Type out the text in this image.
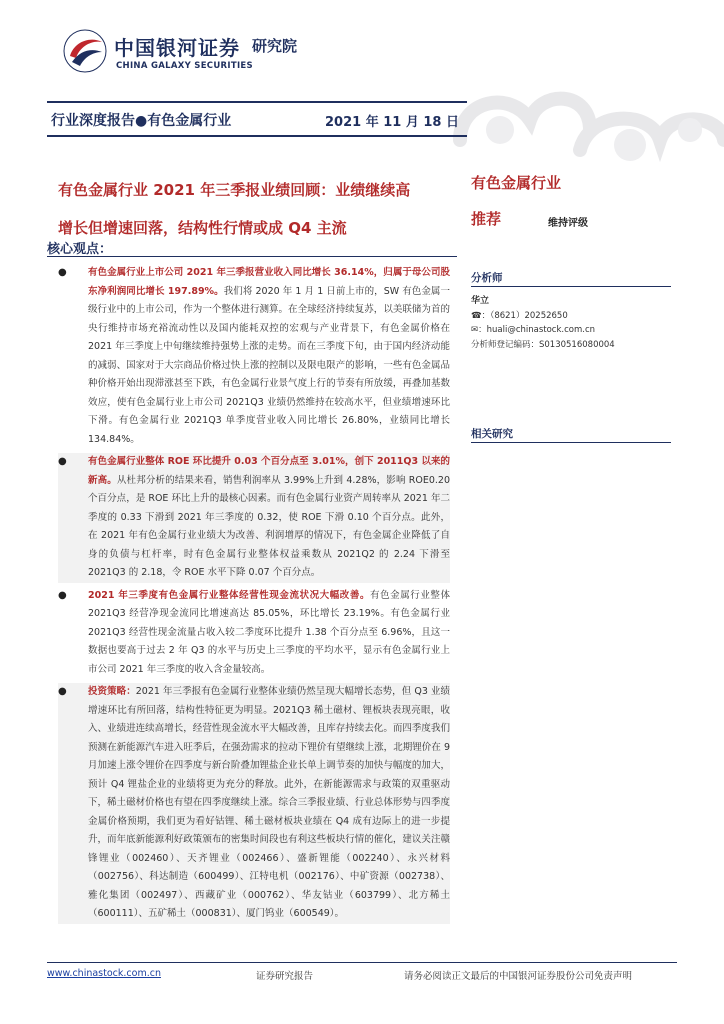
中国银河证券 研究院
CHINA GALAXY SECURITIES
行业深度报告●有色金属行业	2021 年 11 月 18 日
有色金属行业 2021 年三季报业绩回顾：业绩继续高
增长但增速回落，结构性行情或成 Q4 主流
有色金属行业
推荐	维持评级
核心观点：
● 有色金属行业上市公司 2021 年三季报营业收入同比增长 36.14%，归属于母公司股东净利润同比增长 197.89%。我们将 2020 年 1 月 1 日前上市的，SW 有色金属一级行业中的上市公司，作为一个整体进行测算。在全球经济持续复苏，以美联储为首的央行维持市场充裕流动性以及国内能耗双控的宏观与产业背景下，有色金属价格在 2021 年三季度上中旬继续维持强势上涨的走势。而在三季度下旬，由于国内经济动能的减弱、国家对于大宗商品价格过快上涨的控制以及限电限产的影响，一些有色金属品种价格开始出现滞涨甚至下跌，有色金属行业景气度上行的节奏有所放缓，再叠加基数效应，使有色金属行业上市公司 2021Q3 业绩仍然维持在较高水平，但业绩增速环比下滑。有色金属行业 2021Q3 单季度营业收入同比增长 26.80%，业绩同比增长 134.84%。
● 有色金属行业整体 ROE 环比提升 0.03 个百分点至 3.01%，创下 2011Q3 以来的新高。从杜邦分析的结果来看，销售利润率从 3.99%上升到 4.28%，影响 ROE0.20 个百分点，是 ROE 环比上升的最核心因素。而有色金属行业资产周转率从 2021 年二季度的 0.33 下滑到 2021 年三季度的 0.32，使 ROE 下滑 0.10 个百分点。此外，在 2021 年有色金属行业业绩大为改善、利润增厚的情况下，有色金属企业降低了自身的负债与杠杆率，时有色金属行业整体权益乘数从 2021Q2 的 2.24 下滑至 2021Q3 的 2.18，令 ROE 水平下降 0.07 个百分点。
● 2021 年三季度有色金属行业整体经营性现金流状况大幅改善。有色金属行业整体 2021Q3 经营净现金流同比增速高达 85.05%，环比增长 23.19%。有色金属行业 2021Q3 经营性现金流量占收入较二季度环比提升 1.38 个百分点至 6.96%，且这一数据也要高于过去 2 年 Q3 的水平与历史上三季度的平均水平，显示有色金属行业上市公司 2021 年三季度的收入含金量较高。
● 投资策略：2021 年三季报有色金属行业整体业绩仍然呈现大幅增长态势，但 Q3 业绩增速环比有所回落，结构性特征更为明显。2021Q3 稀土磁材、锂板块表现亮眼，收入、业绩进连续高增长，经营性现金流水平大幅改善，且库存持续去化。而四季度我们预测在新能源汽车进入旺季后，在强劲需求的拉动下锂价有望继续上涨，北期锂价在 9 月加速上涨令锂价在四季度与新台阶叠加锂盐企业长单上调节奏的加快与幅度的加大，预计 Q4 锂盐企业的业绩将更为充分的释放。此外，在新能源需求与政策的双重驱动下，稀土磁材价格也有望在四季度继续上涨。综合三季报业绩、行业总体形势与四季度金属价格预期，我们更为看好钴锂、稀土磁材板块业绩在 Q4 成有边际上的进一步提升，而年底新能源利好政策颁布的密集时间段也有利这些板块行情的催化，建议关注赣锋锂业（002460）、天齐锂业（002466）、盛新锂能（002240）、永兴材料（002756）、科达制造（600499）、江特电机（002176）、中矿资源（002738）、雅化集团（002497）、西藏矿业（000762）、华友钴业（603799）、北方稀土（600111）、五矿稀土（000831）、厦门钨业（600549）。
分析师
华立
☎：（8621）20252650
✉：huali@chinastock.com.cn
分析师登记编码：S0130516080004
相关研究
www.chinastock.com.cn	证券研究报告	请务必阅读正文最后的中国银河证券股份公司免责声明
